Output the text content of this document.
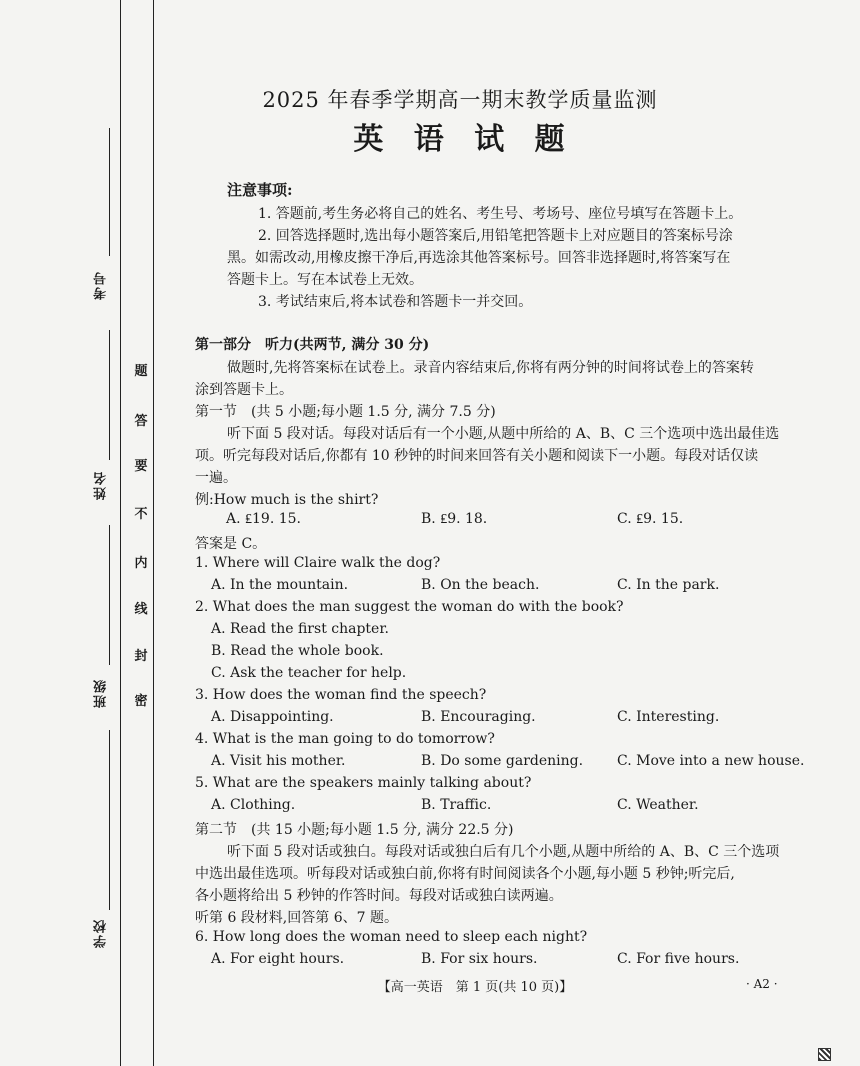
考号
姓名
班级
学校
题
答
要
不
内
线
封
密
2025 年春季学期高一期末教学质量监测
英 语 试 题
注意事项:
1. 答题前,考生务必将自己的姓名、考生号、考场号、座位号填写在答题卡上。
2. 回答选择题时,选出每小题答案后,用铅笔把答题卡上对应题目的答案标号涂
黑。如需改动,用橡皮擦干净后,再选涂其他答案标号。回答非选择题时,将答案写在
答题卡上。写在本试卷上无效。
3. 考试结束后,将本试卷和答题卡一并交回。
第一部分　听力(共两节, 满分 30 分)
做题时,先将答案标在试卷上。录音内容结束后,你将有两分钟的时间将试卷上的答案转
涂到答题卡上。
第一节　(共 5 小题;每小题 1.5 分, 满分 7.5 分)
听下面 5 段对话。每段对话后有一个小题,从题中所给的 A、B、C 三个选项中选出最佳选
项。听完每段对话后,你都有 10 秒钟的时间来回答有关小题和阅读下一小题。每段对话仅读
一遍。
例:How much is the shirt?
A. ₤19. 15.	B. ₤9. 18.	C. ₤9. 15.
答案是 C。
1. Where will Claire walk the dog?
A. In the mountain.	B. On the beach.	C. In the park.
2. What does the man suggest the woman do with the book?
A. Read the first chapter.
B. Read the whole book.
C. Ask the teacher for help.
3. How does the woman find the speech?
A. Disappointing.	B. Encouraging.	C. Interesting.
4. What is the man going to do tomorrow?
A. Visit his mother.	B. Do some gardening. C. Move into a new house.
5. What are the speakers mainly talking about?
A. Clothing.	B. Traffic.	C. Weather.
第二节　(共 15 小题;每小题 1.5 分, 满分 22.5 分)
听下面 5 段对话或独白。每段对话或独白后有几个小题,从题中所给的 A、B、C 三个选项
中选出最佳选项。听每段对话或独白前,你将有时间阅读各个小题,每小题 5 秒钟;听完后,
各小题将给出 5 秒钟的作答时间。每段对话或独白读两遍。
听第 6 段材料,回答第 6、7 题。
6. How long does the woman need to sleep each night?
A. For eight hours.	B. For six hours.	C. For five hours.
【高一英语　第 1 页(共 10 页)】	· A2 ·
